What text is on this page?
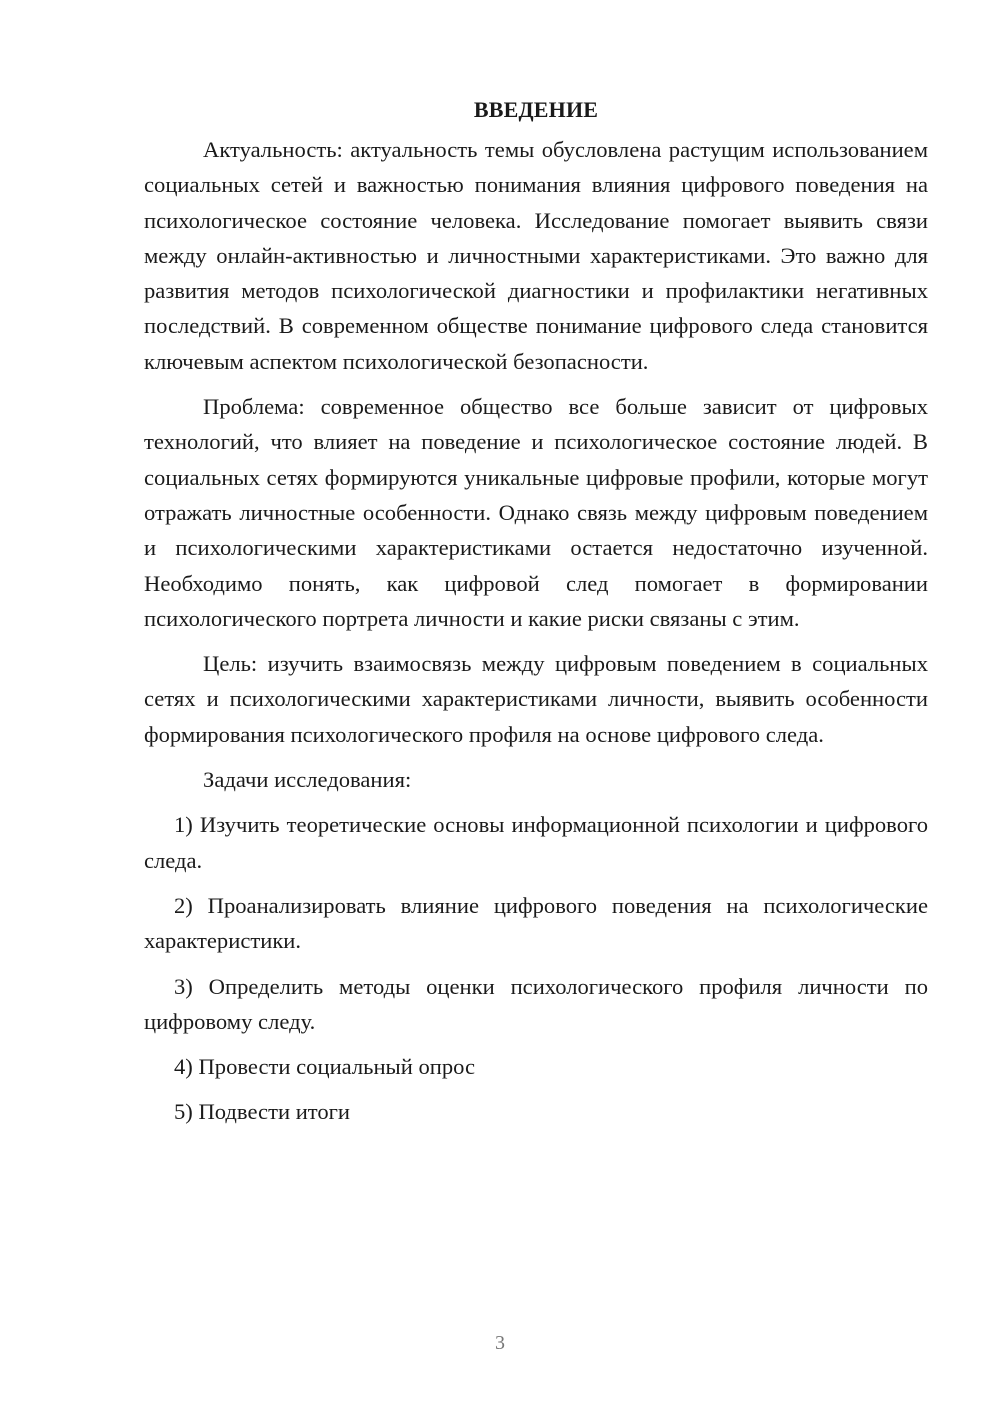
ВВЕДЕНИЕ

Актуальность: актуальность темы обусловлена растущим использованием социальных сетей и важностью понимания влияния цифрового поведения на психологическое состояние человека. Исследование помогает выявить связи между онлайн-активностью и личностными характеристиками. Это важно для развития методов психологической диагностики и профилактики негативных последствий. В современном обществе понимание цифрового следа становится ключевым аспектом психологической безопасности.

Проблема: современное общество все больше зависит от цифровых технологий, что влияет на поведение и психологическое состояние людей. В социальных сетях формируются уникальные цифровые профили, которые могут отражать личностные особенности. Однако связь между цифровым поведением и психологическими характеристиками остается недостаточно изученной. Необходимо понять, как цифровой след помогает в формировании психологического портрета личности и какие риски связаны с этим.

Цель: изучить взаимосвязь между цифровым поведением в социальных сетях и психологическими характеристиками личности, выявить особенности формирования психологического профиля на основе цифрового следа.

Задачи исследования:

1) Изучить теоретические основы информационной психологии и цифрового следа.

2) Проанализировать влияние цифрового поведения на психологические характеристики.

3) Определить методы оценки психологического профиля личности по цифровому следу.

4) Провести социальный опрос

5) Подвести итоги

3
